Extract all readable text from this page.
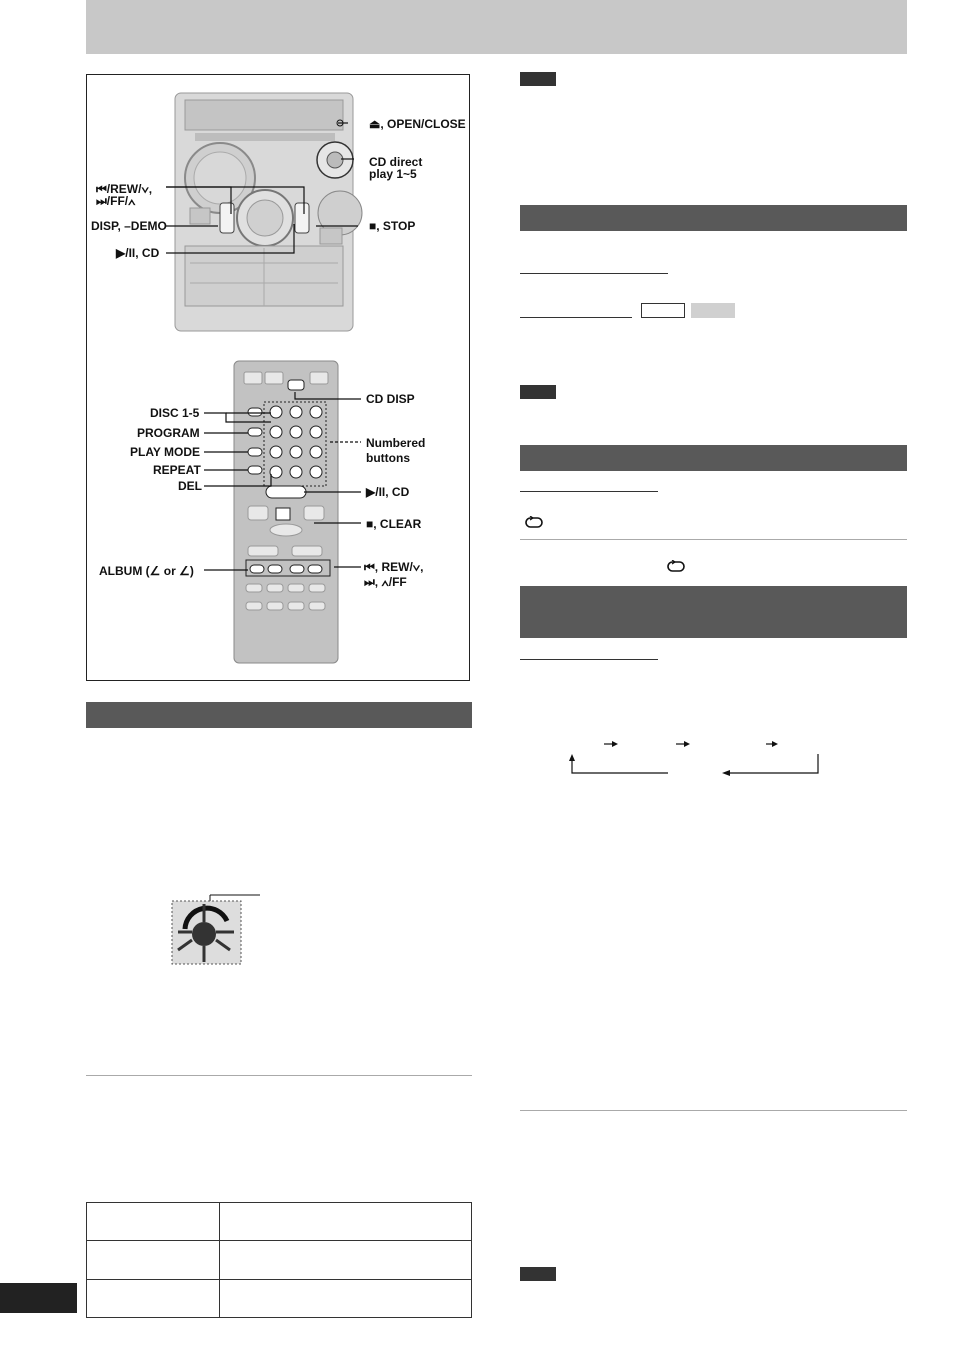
⏏, OPEN/CLOSE
CD direct
play 1~5
⏮/REW/∨,
⏭/FF/∧
DISP, –DEMO	■, STOP
▶/II, CD
CD DISP
DISC 1-5
PROGRAM
PLAY MODE
Numbered
buttons
REPEAT
DEL	▶/II, CD
■, CLEAR
ALBUM (∠ or ∠)	⏮, REW/∨,
⏭, ∧/FF
